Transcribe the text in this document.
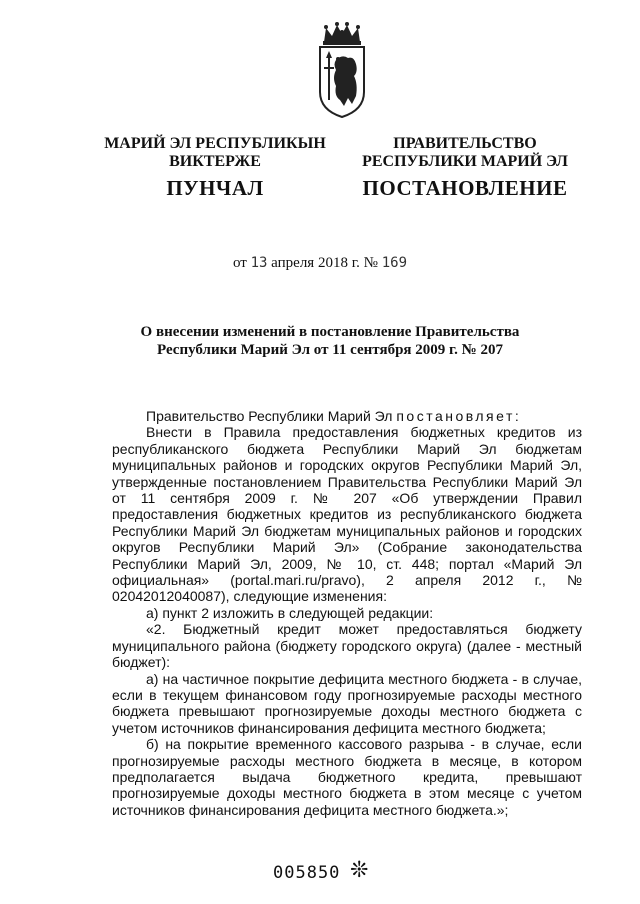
МАРИЙ ЭЛ РЕСПУБЛИКЫН
ВИКТЕРЖЕ
ПУНЧАЛ
ПРАВИТЕЛЬСТВО
РЕСПУБЛИКИ МАРИЙ ЭЛ
ПОСТАНОВЛЕНИЕ
от 13 апреля 2018 г. № 169
О внесении изменений в постановление Правительства
Республики Марий Эл от 11 сентября 2009 г. № 207

Правительство Республики Марий Эл постановляет:

Внести в Правила предоставления бюджетных кредитов из республиканского бюджета Республики Марий Эл бюджетам муниципальных районов и городских округов Республики Марий Эл, утвержденные постановлением Правительства Республики Марий Эл от 11 сентября 2009 г. № 207 «Об утверждении Правил предоставления бюджетных кредитов из республиканского бюджета Республики Марий Эл бюджетам муниципальных районов и городских округов Республики Марий Эл» (Собрание законодательства Республики Марий Эл, 2009, № 10, ст. 448; портал «Марий Эл официальная» (portal.mari.ru/pravo), 2 апреля 2012 г., № 02042012040087), следующие изменения:

а) пункт 2 изложить в следующей редакции:

«2. Бюджетный кредит может предоставляться бюджету муниципального района (бюджету городского округа) (далее - местный бюджет):

а) на частичное покрытие дефицита местного бюджета - в случае, если в текущем финансовом году прогнозируемые расходы местного бюджета превышают прогнозируемые доходы местного бюджета с учетом источников финансирования дефицита местного бюджета;

б) на покрытие временного кассового разрыва - в случае, если прогнозируемые расходы местного бюджета в месяце, в котором предполагается выдача бюджетного кредита, превышают прогнозируемые доходы местного бюджета в этом месяце с учетом источников финансирования дефицита местного бюджета.»;

005850 ❊
